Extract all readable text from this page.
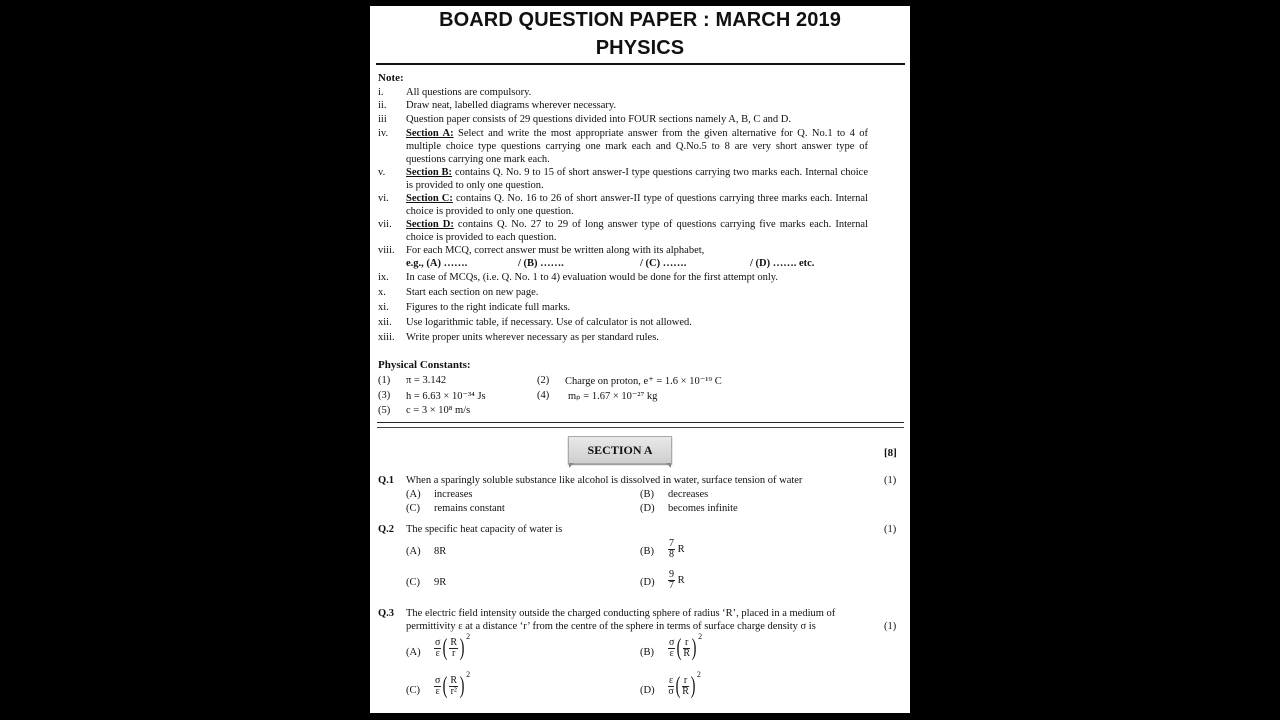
BOARD QUESTION PAPER : MARCH 2019
PHYSICS
Note:
i. All questions are compulsory.
ii. Draw neat, labelled diagrams wherever necessary.
iii Question paper consists of 29 questions divided into FOUR sections namely A, B, C and D.
iv. Section A: Select and write the most appropriate answer from the given alternative for Q. No.1 to 4 of multiple choice type questions carrying one mark each and Q.No.5 to 8 are very short answer type of questions carrying one mark each.
v. Section B: contains Q. No. 9 to 15 of short answer-I type questions carrying two marks each. Internal choice is provided to only one question.
vi. Section C: contains Q. No. 16 to 26 of short answer-II type of questions carrying three marks each. Internal choice is provided to only one question.
vii. Section D: contains Q. No. 27 to 29 of long answer type of questions carrying five marks each. Internal choice is provided to each question.
viii. For each MCQ, correct answer must be written along with its alphabet,
e.g., (A) …….	/ (B) …….	/ (C) …….	/ (D) ……. etc.
ix. In case of MCQs, (i.e. Q. No. 1 to 4) evaluation would be done for the first attempt only.
x. Start each section on new page.
xi. Figures to the right indicate full marks.
xii. Use logarithmic table, if necessary. Use of calculator is not allowed.
xiii. Write proper units wherever necessary as per standard rules.
Physical Constants:
(1) π = 3.142	(2) Charge on proton, e⁺ = 1.6 × 10⁻¹⁹ C
(3) h = 6.63 × 10⁻³⁴ Js	(4) mₚ = 1.67 × 10⁻²⁷ kg
(5) c = 3 × 10⁸ m/s
SECTION A	[8]
Q.1 When a sparingly soluble substance like alcohol is dissolved in water, surface tension of water	(1)
(A) increases	(B) decreases
(C) remains constant	(D) becomes infinite
Q.2 The specific heat capacity of water is	(1)
(A) 8R	$(B) \frac{7}{8}$ R
(C) 9R	$(D) \frac{9}{7}$ R
Q.3 The electric field intensity outside the charged conducting sphere of radius ‘R’, placed in a medium of
permittivity ε at a distance ‘r’ from the centre of the sphere in terms of surface charge density σ is	(1)
$(A) \frac{\sigma}{\varepsilon}$ ( $\frac{R}{r}$ ) 2
$(B) \frac{\sigma}{\varepsilon}$ ( $\frac{r}{R}$ ) 2
$(C) \frac{\sigma}{\varepsilon}$ ( $\frac{R}{\text{r²}}$ ) 2
$(D) \frac{\varepsilon}{\sigma}$ ( $\frac{r}{R}$ ) 2
